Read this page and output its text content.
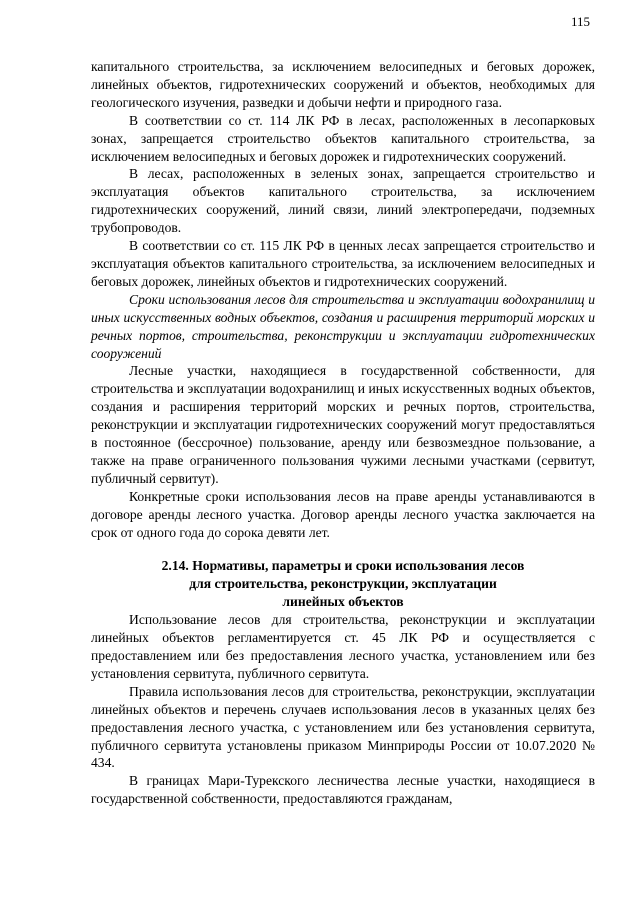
115

капитального строительства, за исключением велосипедных и беговых дорожек, линейных объектов, гидротехнических сооружений и объектов, необходимых для геологического изучения, разведки и добычи нефти и природного газа.

В соответствии со ст. 114 ЛК РФ в лесах, расположенных в лесопарковых зонах, запрещается строительство объектов капитального строительства, за исключением велосипедных и беговых дорожек и гидротехнических сооружений.

В лесах, расположенных в зеленых зонах, запрещается строительство и эксплуатация объектов капитального строительства, за исключением гидротехнических сооружений, линий связи, линий электропередачи, подземных трубопроводов.

В соответствии со ст. 115 ЛК РФ в ценных лесах запрещается строительство и эксплуатация объектов капитального строительства, за исключением велосипедных и беговых дорожек, линейных объектов и гидротехнических сооружений.

Сроки использования лесов для строительства и эксплуатации водохранилищ и иных искусственных водных объектов, создания и расширения территорий морских и речных портов, строительства, реконструкции и эксплуатации гидротехнических сооружений

Лесные участки, находящиеся в государственной собственности, для строительства и эксплуатации водохранилищ и иных искусственных водных объектов, создания и расширения территорий морских и речных портов, строительства, реконструкции и эксплуатации гидротехнических сооружений могут предоставляться в постоянное (бессрочное) пользование, аренду или безвозмездное пользование, а также на праве ограниченного пользования чужими лесными участками (сервитут, публичный сервитут).

Конкретные сроки использования лесов на праве аренды устанавливаются в договоре аренды лесного участка. Договор аренды лесного участка заключается на срок от одного года до сорока девяти лет.

2.14. Нормативы, параметры и сроки использования лесов
для строительства, реконструкции, эксплуатации
линейных объектов

Использование лесов для строительства, реконструкции и эксплуатации линейных объектов регламентируется ст. 45 ЛК РФ и осуществляется с предоставлением или без предоставления лесного участка, установлением или без установления сервитута, публичного сервитута.

Правила использования лесов для строительства, реконструкции, эксплуатации линейных объектов и перечень случаев использования лесов в указанных целях без предоставления лесного участка, с установлением или без установления сервитута, публичного сервитута установлены приказом Минприроды России от 10.07.2020 № 434.

В границах Мари-Турекского лесничества лесные участки, находящиеся в государственной собственности, предоставляются гражданам,
